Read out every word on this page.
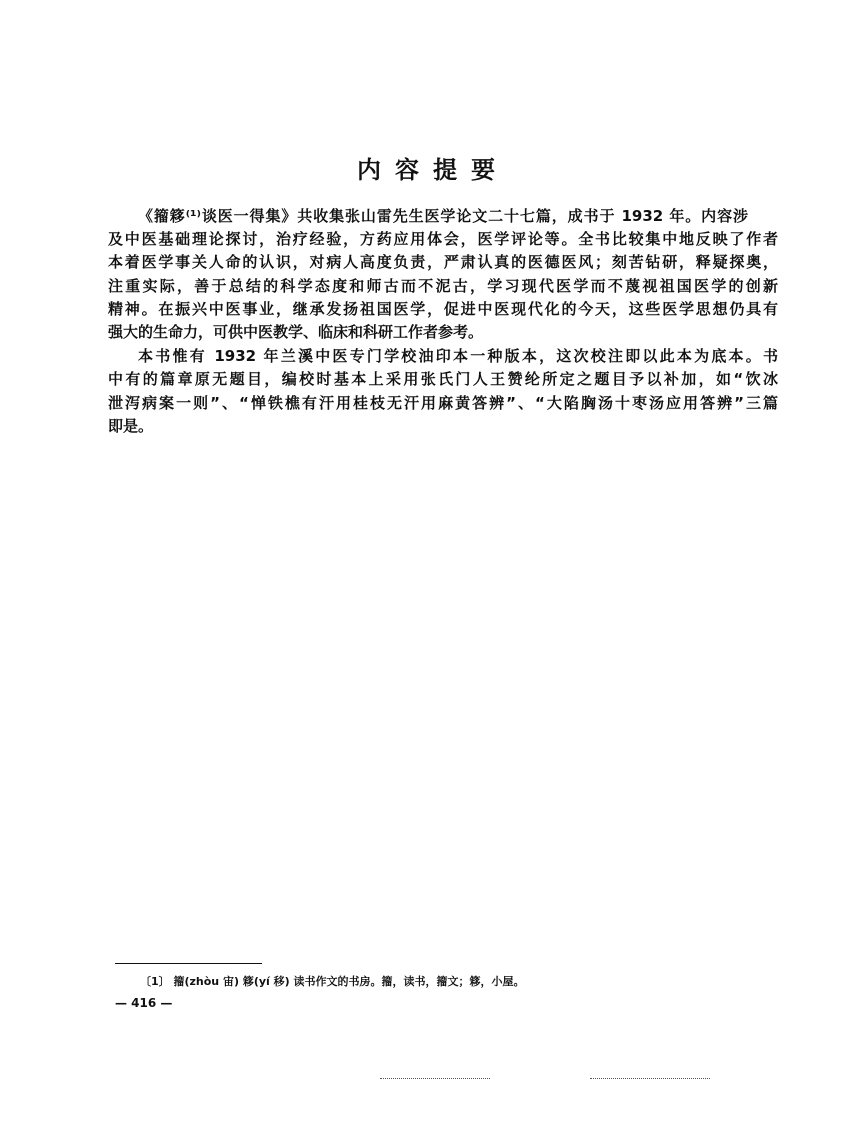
内容提要
《籀簃⁽¹⁾谈医一得集》共收集张山雷先生医学论文二十七篇，成书于 1932 年。内容涉
及中医基础理论探讨，治疗经验，方药应用体会，医学评论等。全书比较集中地反映了作者
本着医学事关人命的认识，对病人高度负责，严肃认真的医德医风；刻苦钻研，释疑探奥，
注重实际，善于总结的科学态度和师古而不泥古，学习现代医学而不蔑视祖国医学的创新
精神。在振兴中医事业，继承发扬祖国医学，促进中医现代化的今天，这些医学思想仍具有
强大的生命力，可供中医教学、临床和科研工作者参考。
本书惟有 1932 年兰溪中医专门学校油印本一种版本，这次校注即以此本为底本。书
中有的篇章原无题目，编校时基本上采用张氏门人王赞纶所定之题目予以补加，如“饮冰
泄泻病案一则”、“惮铁樵有汗用桂枝无汗用麻黄答辨”、“大陷胸汤十枣汤应用答辨”三篇
即是。
〔1〕 籀(zhòu 宙) 簃(yí 移) 读书作文的书房。籀，读书，籀文；簃，小屋。
— 416 —
